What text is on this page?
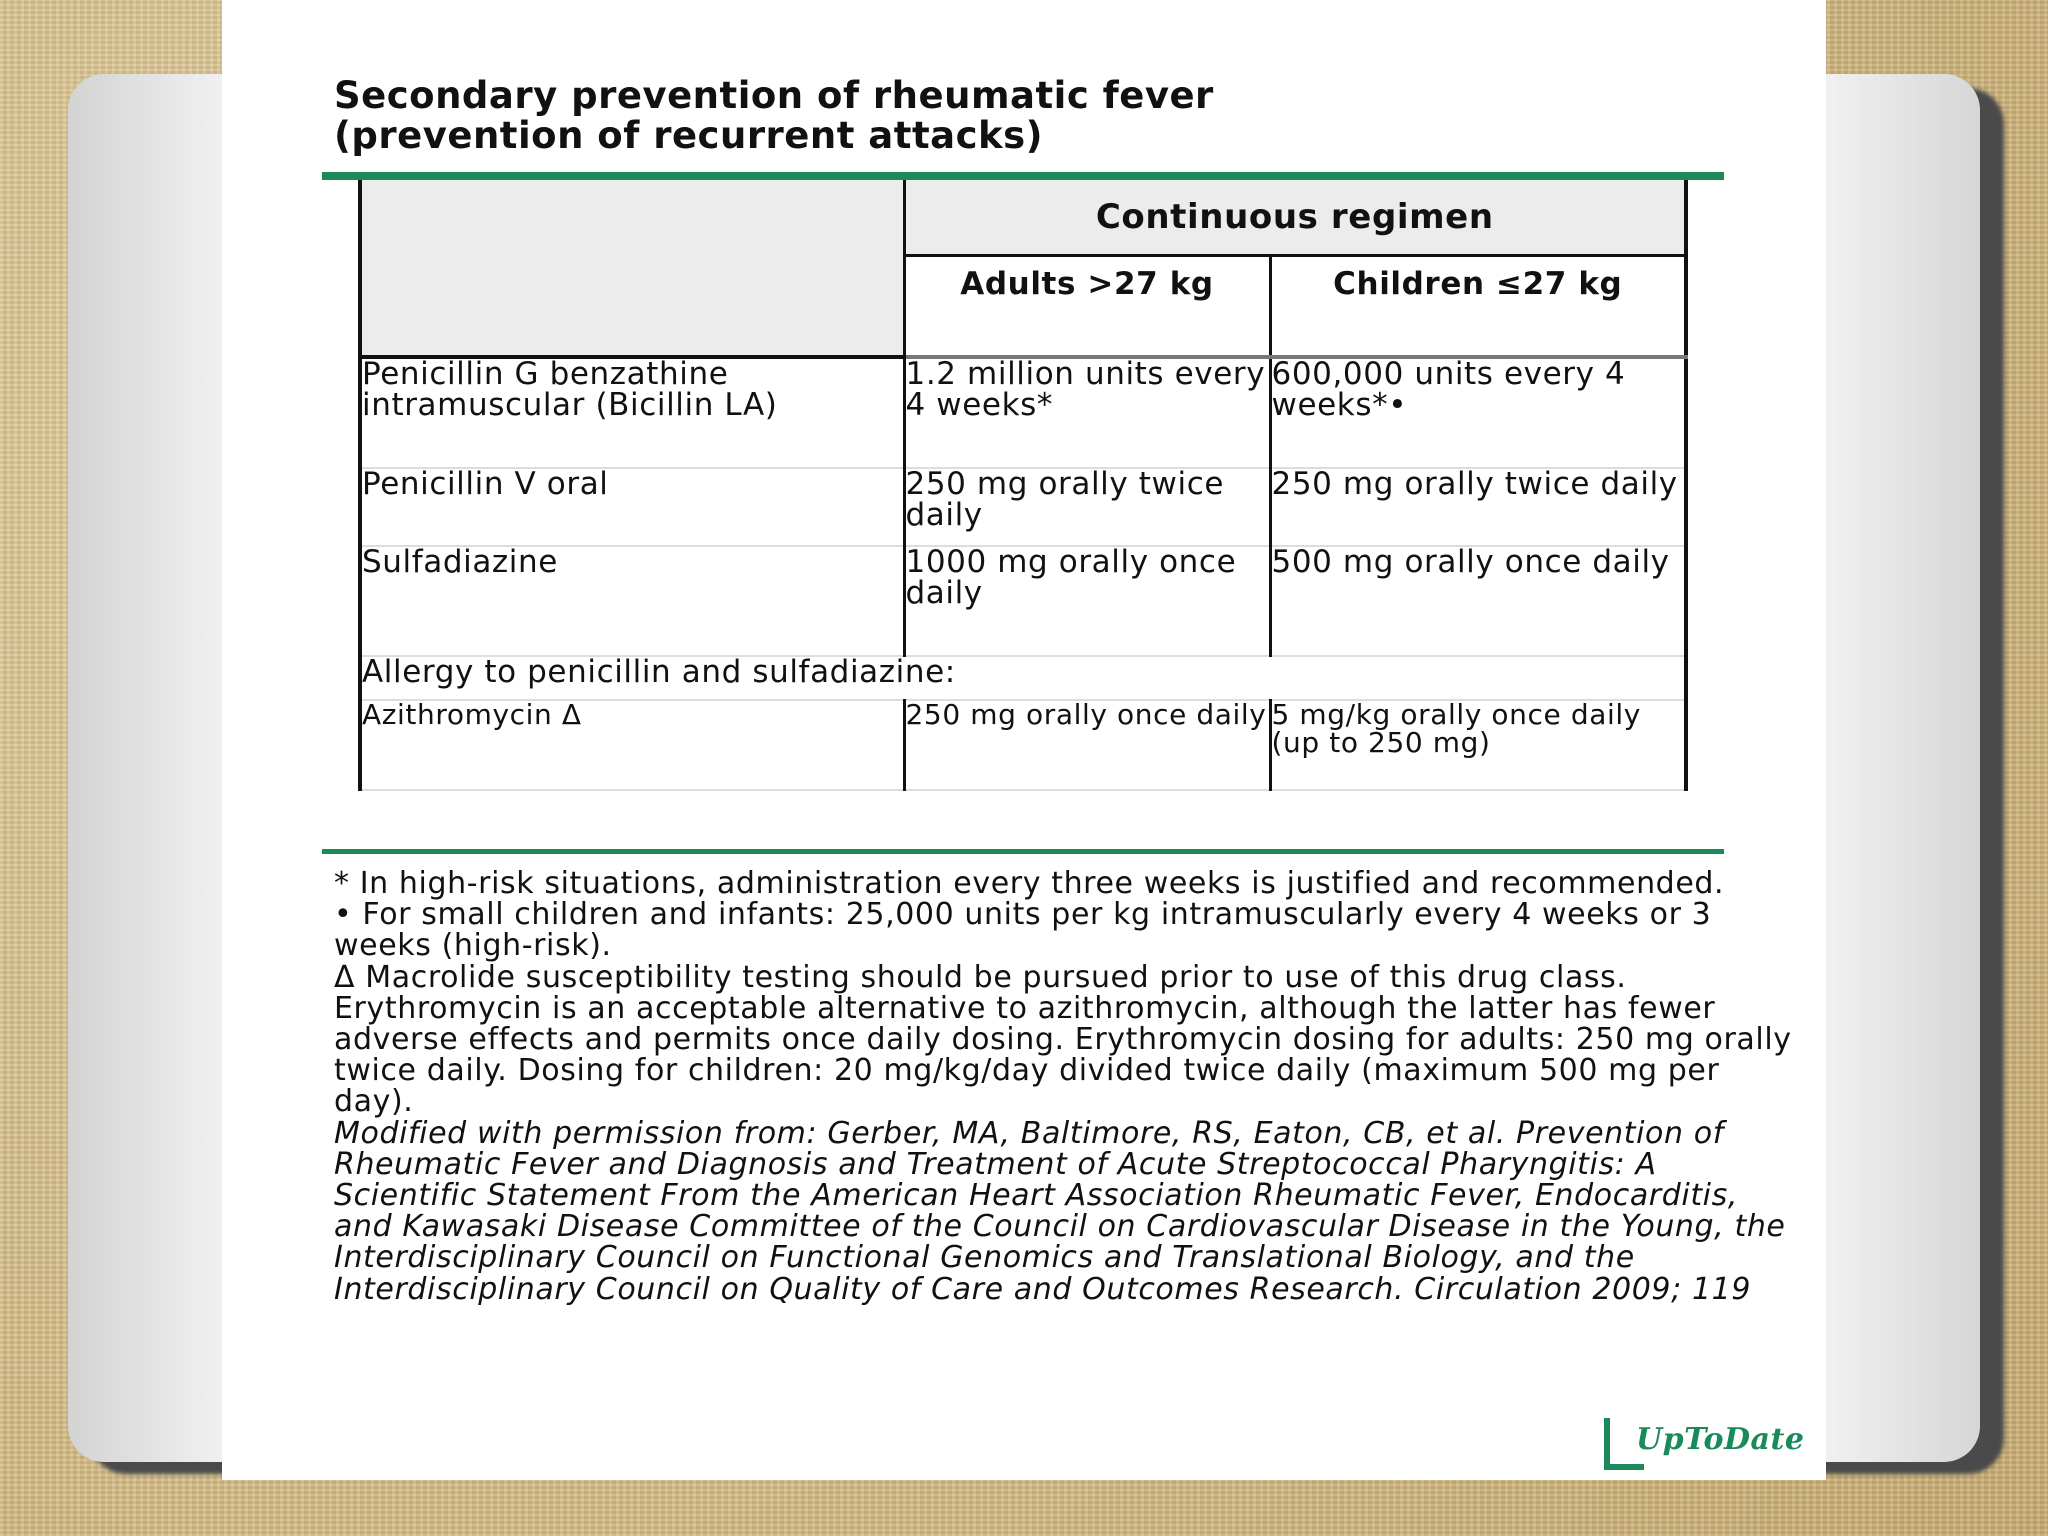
Secondary prevention of rheumatic fever
(prevention of recurrent attacks)
	Continuous regimen	
	Adults >27 kg	Children ≤27 kg
Penicillin G benzathine intramuscular (Bicillin LA)	1.2 million units every 4 weeks*	600,000 units every 4 weeks*•
Penicillin V oral	250 mg orally twice daily	250 mg orally twice daily
Sulfadiazine	1000 mg orally once daily	500 mg orally once daily
Allergy to penicillin and sulfadiazine:		
Azithromycin Δ	250 mg orally once daily	5 mg/kg orally once daily (up to 250 mg)

* In high-risk situations, administration every three weeks is justified and recommended.

• For small children and infants: 25,000 units per kg intramuscularly every 4 weeks or 3 weeks (high-risk).

Δ Macrolide susceptibility testing should be pursued prior to use of this drug class. Erythromycin is an acceptable alternative to azithromycin, although the latter has fewer adverse effects and permits once daily dosing. Erythromycin dosing for adults: 250 mg orally twice daily. Dosing for children: 20 mg/kg/day divided twice daily (maximum 500 mg per day).

Modified with permission from: Gerber, MA, Baltimore, RS, Eaton, CB, et al. Prevention of Rheumatic Fever and Diagnosis and Treatment of Acute Streptococcal Pharyngitis: A Scientific Statement From the American Heart Association Rheumatic Fever, Endocarditis, and Kawasaki Disease Committee of the Council on Cardiovascular Disease in the Young, the Interdisciplinary Council on Functional Genomics and Translational Biology, and the Interdisciplinary Council on Quality of Care and Outcomes Research. Circulation 2009; 119

UpToDate
